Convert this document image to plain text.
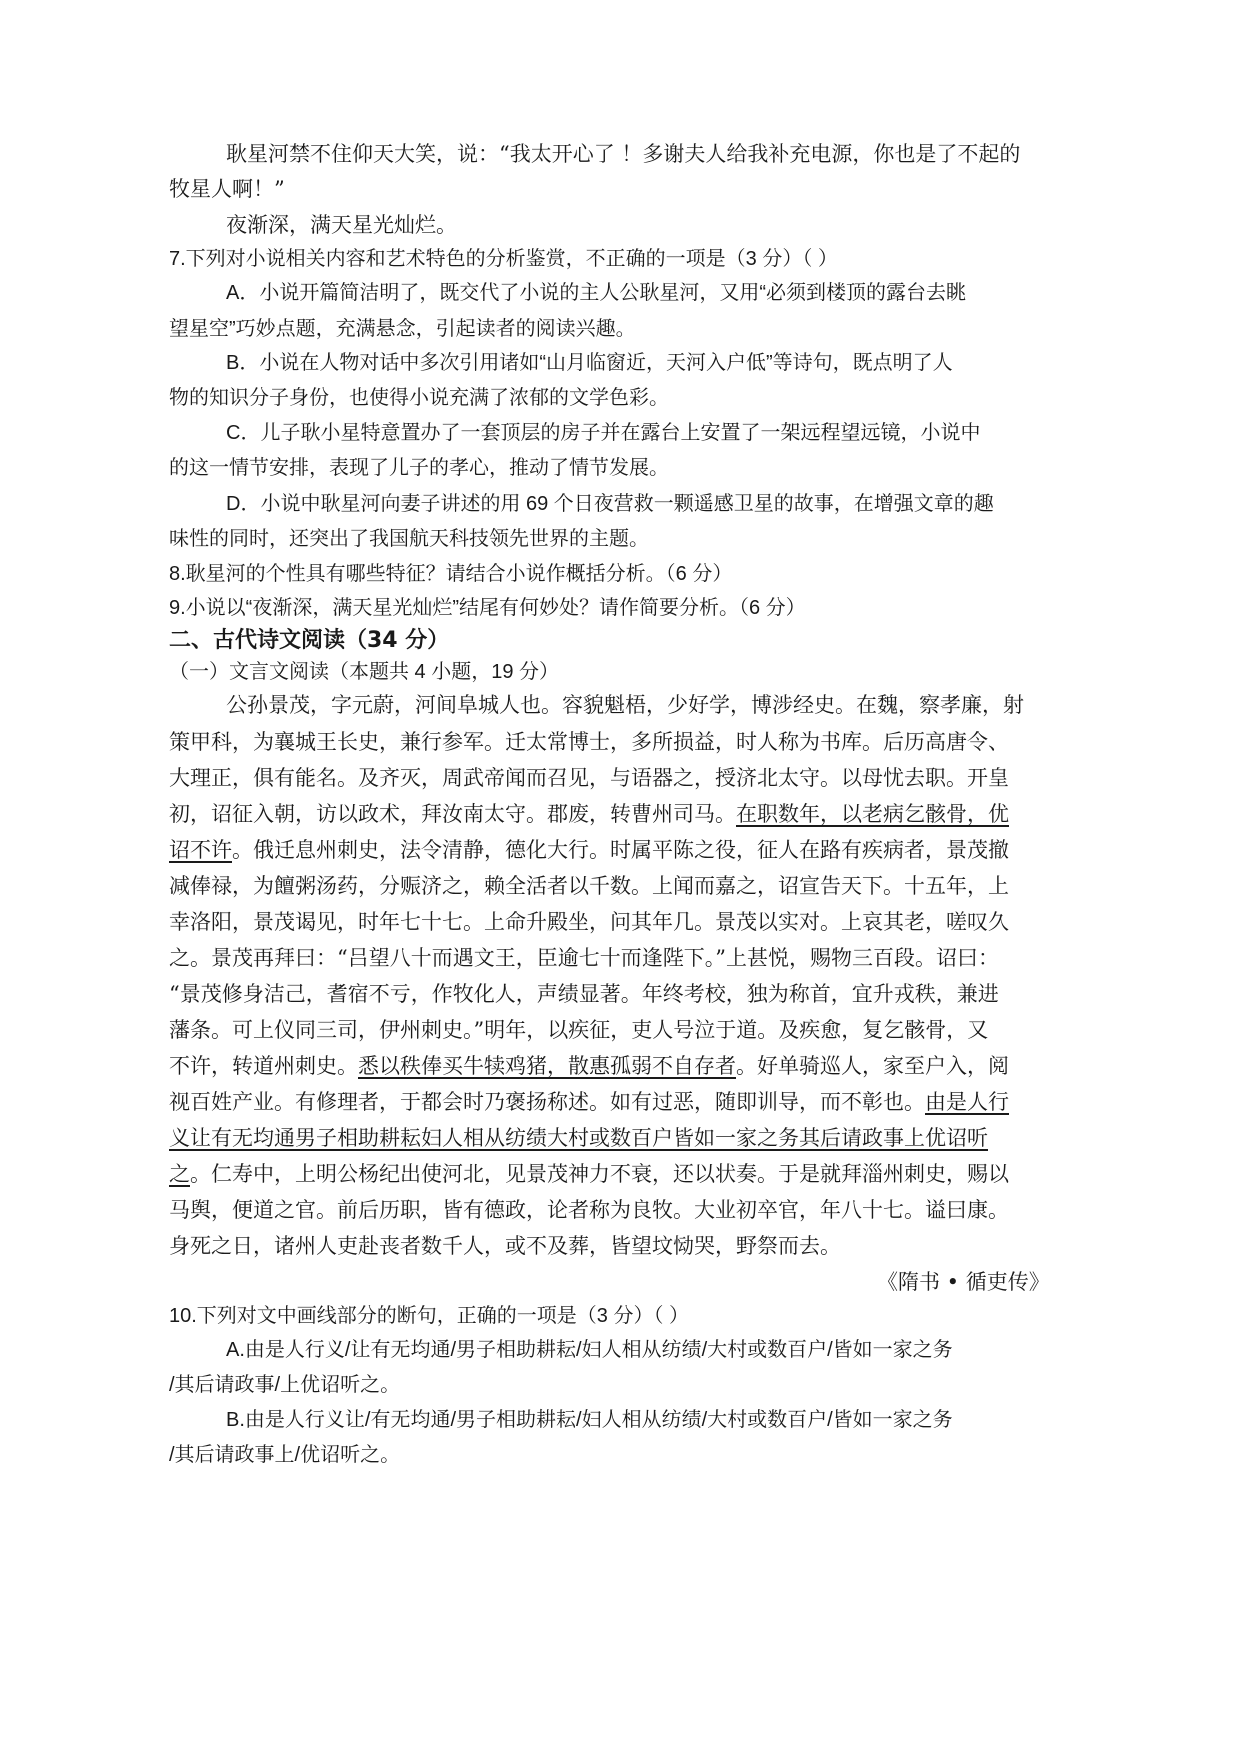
耿星河禁不住仰天大笑，说：“我太开心了 ！多谢夫人给我补充电源，你也是了不起的
牧星人啊！”
夜渐深，满天星光灿烂。
7.下列对小说相关内容和艺术特色的分析鉴赏，不正确的一项是（3 分）（ ）
A．小说开篇简洁明了，既交代了小说的主人公耿星河，又用“必须到楼顶的露台去眺
望星空”巧妙点题，充满悬念，引起读者的阅读兴趣。
B．小说在人物对话中多次引用诸如“山月临窗近，天河入户低”等诗句，既点明了人
物的知识分子身份，也使得小说充满了浓郁的文学色彩。
C．儿子耿小星特意置办了一套顶层的房子并在露台上安置了一架远程望远镜，小说中
的这一情节安排，表现了儿子的孝心，推动了情节发展。
D．小说中耿星河向妻子讲述的用 69 个日夜营救一颗遥感卫星的故事，在增强文章的趣
味性的同时，还突出了我国航天科技领先世界的主题。
8.耿星河的个性具有哪些特征？请结合小说作概括分析。（6 分）
9.小说以“夜渐深，满天星光灿烂”结尾有何妙处？请作简要分析。（6 分）
二、古代诗文阅读（34 分）
（一）文言文阅读（本题共 4 小题，19 分）
公孙景茂，字元蔚，河间阜城人也。容貌魁梧，少好学，博涉经史。在魏，察孝廉，射
策甲科，为襄城王长史，兼行参军。迁太常博士，多所损益，时人称为书库。后历高唐令、
大理正，俱有能名。及齐灭，周武帝闻而召见，与语器之，授济北太守。以母忧去职。开皇
初，诏征入朝，访以政术，拜汝南太守。郡废，转曹州司马。在职数年，以老病乞骸骨，优
诏不许。俄迁息州刺史，法令清静，德化大行。时属平陈之役，征人在路有疾病者，景茂撤
减俸禄，为饘粥汤药，分赈济之，赖全活者以千数。上闻而嘉之，诏宣告天下。十五年，上
幸洛阳，景茂谒见，时年七十七。上命升殿坐，问其年几。景茂以实对。上哀其老，嗟叹久
之。景茂再拜曰：“吕望八十而遇文王，臣逾七十而逢陛下。”上甚悦，赐物三百段。诏曰：
“景茂修身洁己，耆宿不亏，作牧化人，声绩显著。年终考校，独为称首，宜升戎秩，兼进
藩条。可上仪同三司，伊州刺史。”明年，以疾征，吏人号泣于道。及疾愈，复乞骸骨，又
不许，转道州刺史。悉以秩俸买牛犊鸡猪，散惠孤弱不自存者。好单骑巡人，家至户入，阅
视百姓产业。有修理者，于都会时乃褒扬称述。如有过恶，随即训导，而不彰也。由是人行
义让有无均通男子相助耕耘妇人相从纺绩大村或数百户皆如一家之务其后请政事上优诏听
之。仁寿中，上明公杨纪出使河北，见景茂神力不衰，还以状奏。于是就拜淄州刺史，赐以
马舆，便道之官。前后历职，皆有德政，论者称为良牧。大业初卒官，年八十七。谥曰康。
身死之日，诸州人吏赴丧者数千人，或不及葬，皆望坟恸哭，野祭而去。
《隋书 • 循吏传》
10.下列对文中画线部分的断句，正确的一项是（3 分）（ ）
A.由是人行义/让有无均通/男子相助耕耘/妇人相从纺绩/大村或数百户/皆如一家之务
/其后请政事/上优诏听之。
B.由是人行义让/有无均通/男子相助耕耘/妇人相从纺绩/大村或数百户/皆如一家之务
/其后请政事上/优诏听之。
